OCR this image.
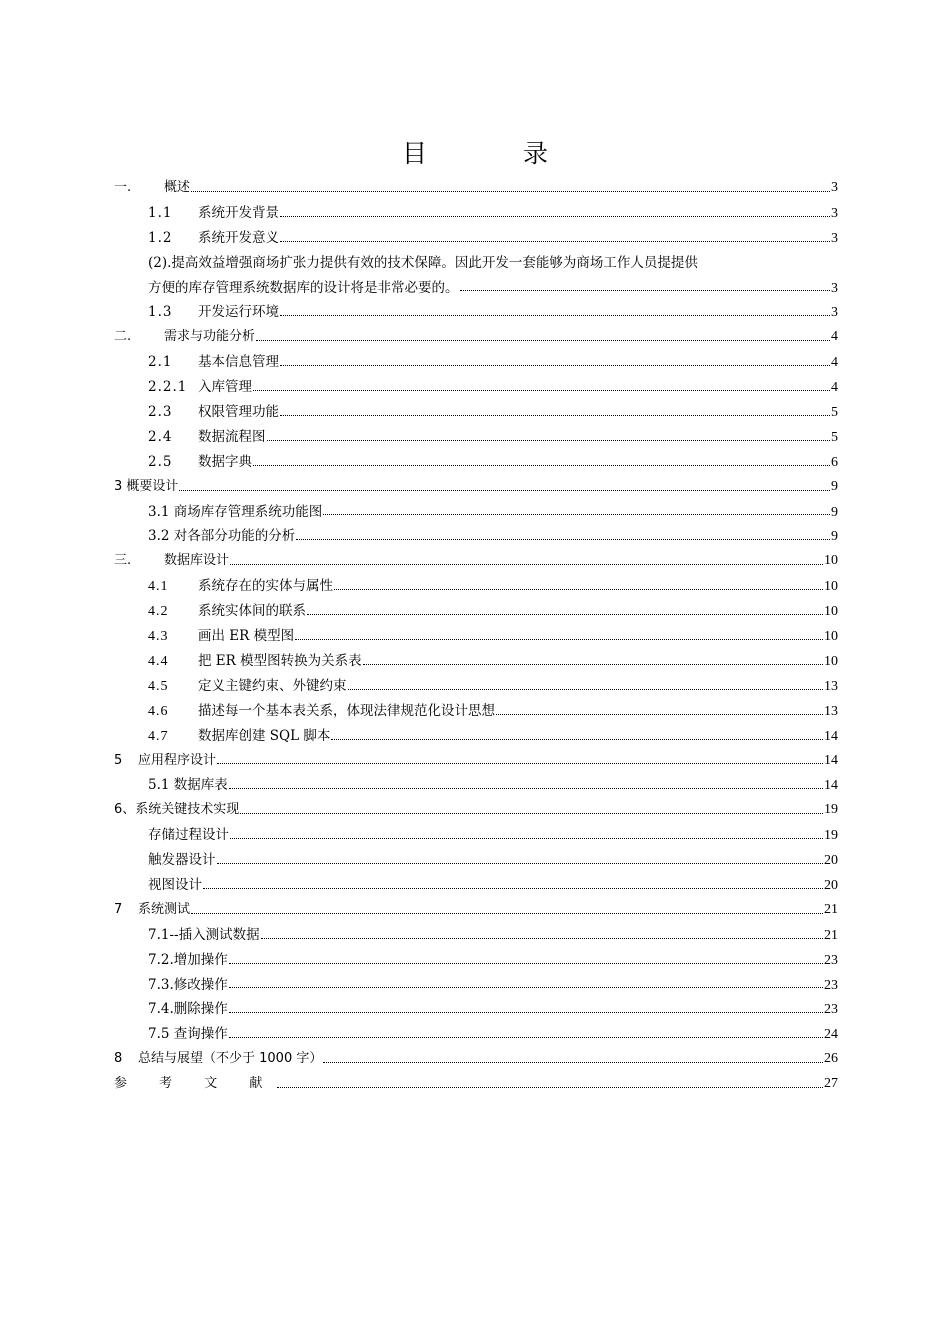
目	录
一.	概述	3
1.1	系统开发背景	3
1.2	系统开发意义	3
(2).提高效益增强商场扩张力提供有效的技术保障。因此开发一套能够为商场工作人员提提供
方便的库存管理系统数据库的设计将是非常必要的。	3
1.3	开发运行环境	3
二.	需求与功能分析	4
2.1	基本信息管理	4
2.2.1 入库管理	4
2.3	权限管理功能	5
2.4	数据流程图	5
2.5	数据字典	6
3 概要设计	9
3.1 商场库存管理系统功能图	9
3.2 对各部分功能的分析	9
三.	数据库设计	10
4.1	系统存在的实体与属性	10
4.2	系统实体间的联系	10
4.3	画出 ER 模型图	10
4.4	把 ER 模型图转换为关系表	10
4.5	定义主键约束、外键约束	13
4.6	描述每一个基本表关系，体现法律规范化设计思想	13
4.7	数据库创建 SQL 脚本	14
5	应用程序设计	14
5.1 数据库表	14
6、系统关键技术实现	19
存储过程设计	19
触发器设计	20
视图设计	20
7	系统测试	21
7.1--插入测试数据	21
7.2.增加操作	23
7.3.修改操作	23
7.4.删除操作	23
7.5 查询操作	24
8	总结与展望（不少于 1000 字）	26
参 考 文 献	27
